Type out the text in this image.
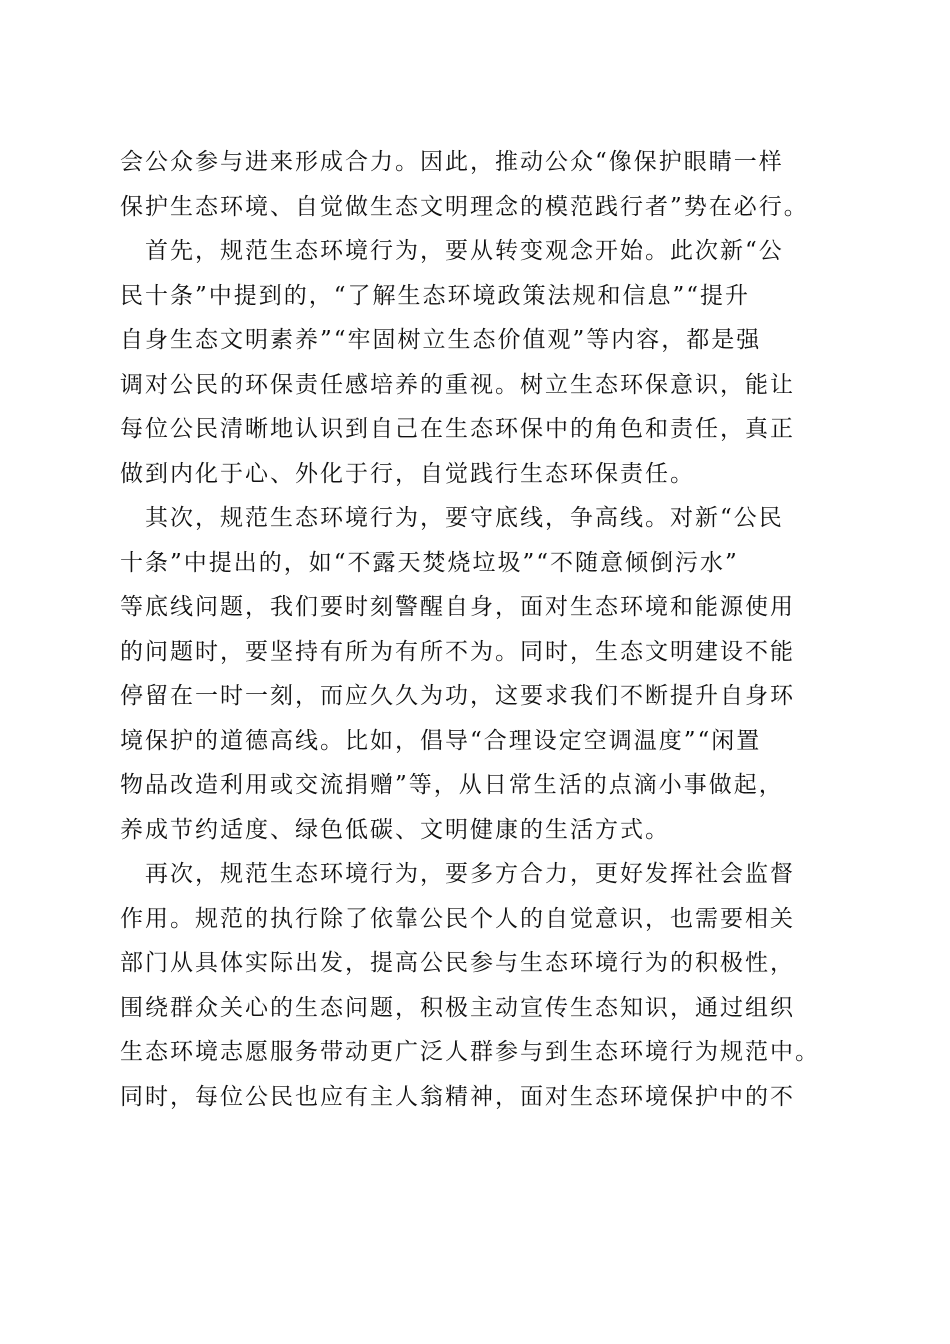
会公众参与进来形成合力。因此，推动公众“像保护眼睛一样
保护生态环境、自觉做生态文明理念的模范践行者”势在必行。
　首先，规范生态环境行为，要从转变观念开始。此次新“公
民十条”中提到的，“了解生态环境政策法规和信息”“提升
自身生态文明素养”“牢固树立生态价值观”等内容，都是强
调对公民的环保责任感培养的重视。树立生态环保意识，能让
每位公民清晰地认识到自己在生态环保中的角色和责任，真正
做到内化于心、外化于行，自觉践行生态环保责任。
　其次，规范生态环境行为，要守底线，争高线。对新“公民
十条”中提出的，如“不露天焚烧垃圾”“不随意倾倒污水”
等底线问题，我们要时刻警醒自身，面对生态环境和能源使用
的问题时，要坚持有所为有所不为。同时，生态文明建设不能
停留在一时一刻，而应久久为功，这要求我们不断提升自身环
境保护的道德高线。比如，倡导“合理设定空调温度”“闲置
物品改造利用或交流捐赠”等，从日常生活的点滴小事做起，
养成节约适度、绿色低碳、文明健康的生活方式。
　再次，规范生态环境行为，要多方合力，更好发挥社会监督
作用。规范的执行除了依靠公民个人的自觉意识，也需要相关
部门从具体实际出发，提高公民参与生态环境行为的积极性，
围绕群众关心的生态问题，积极主动宣传生态知识，通过组织
生态环境志愿服务带动更广泛人群参与到生态环境行为规范中。
同时，每位公民也应有主人翁精神，面对生态环境保护中的不
